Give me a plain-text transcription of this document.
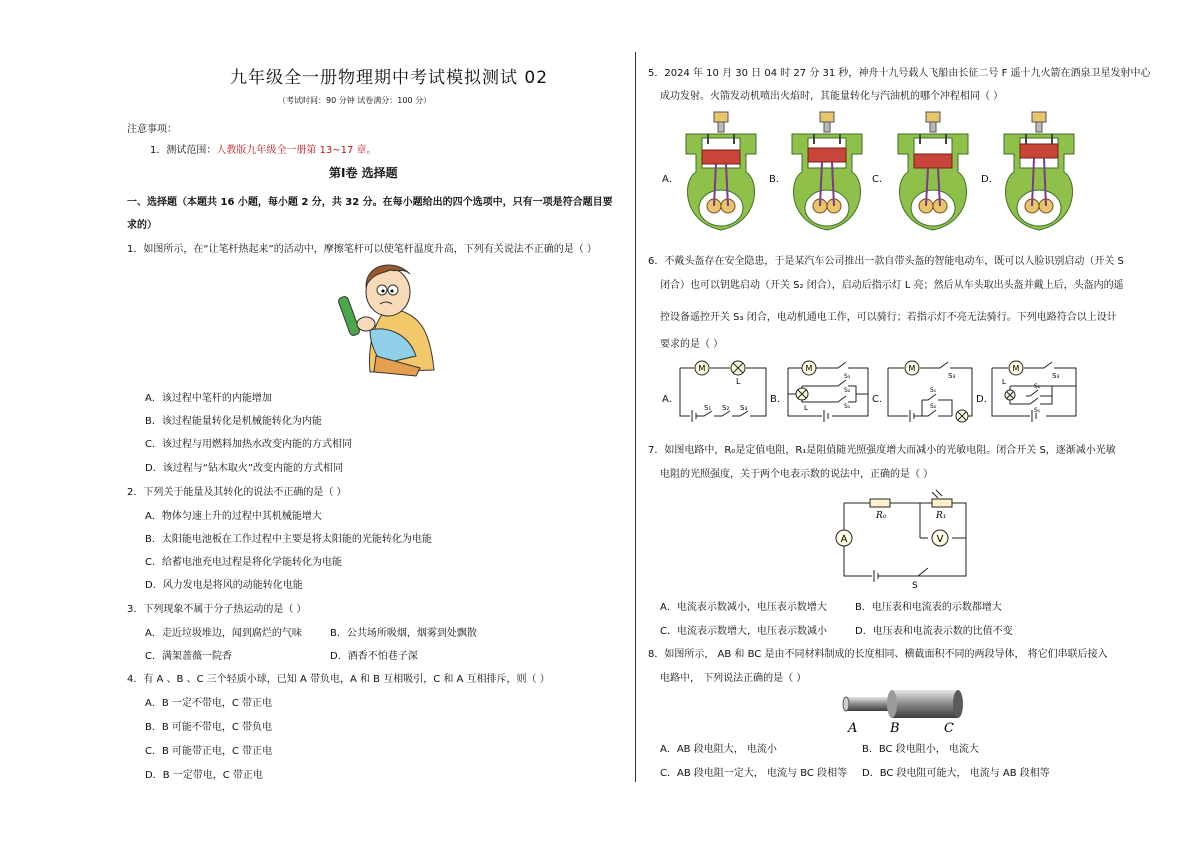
九年级全一册物理期中考试模拟测试 02
（考试时间：90 分钟 试卷满分：100 分）
注意事项：
1．测试范围：人教版九年级全一册第 13~17 章。
第Ⅰ卷 选择题
一、选择题（本题共 16 小题，每小题 2 分，共 32 分。在每小题给出的四个选项中，只有一项是符合题目要
求的）
1．如图所示，在“让笔杆热起来”的活动中，摩擦笔杆可以使笔杆温度升高，下列有关说法不正确的是（ ）
A．该过程中笔杆的内能增加
B．该过程能量转化是机械能转化为内能
C．该过程与用燃料加热水改变内能的方式相同
D．该过程与“钻木取火”改变内能的方式相同
2．下列关于能量及其转化的说法不正确的是（ ）
A．物体匀速上升的过程中其机械能增大
B．太阳能电池板在工作过程中主要是将太阳能的光能转化为电能
C．给蓄电池充电过程是将化学能转化为电能
D．风力发电是将风的动能转化电能
3．下列现象不属于分子热运动的是（ ）
A．走近垃圾堆边，闻到腐烂的气味	B．公共场所吸烟，烟雾到处飘散
C．满架蔷薇一院香	D．酒香不怕巷子深
4．有 A 、B 、C 三个轻质小球，已知 A 带负电，A 和 B 互相吸引，C 和 A 互相排斥，则（ ）
A．B 一定不带电，C 带正电
B．B 可能不带电，C 带负电
C．B 可能带正电，C 带正电
D．B 一定带电，C 带正电
5．2024 年 10 月 30 日 04 时 27 分 31 秒，神舟十九号载人飞船由长征二号 F 遥十九火箭在酒泉卫星发射中心
成功发射。火箭发动机喷出火焰时，其能量转化与汽油机的哪个冲程相同（ ）
A．	B．	C．	D．
6．不戴头盔存在安全隐患，于是某汽车公司推出一款自带头盔的智能电动车，既可以人脸识别启动（开关 S
闭合）也可以钥匙启动（开关 S₂ 闭合），启动后指示灯 L 亮；然后从车头取出头盔并戴上后，头盔内的遥
控设备遥控开关 S₃ 闭合，电动机通电工作，可以骑行；若指示灯不亮无法骑行。下列电路符合以上设计
要求的是（ ）
A．	B．	C．	D．
M
L
S₁ S₂ S₃
M
L
S₃
S₂
S₁
M
S₃
S₁
S₂
M
L
S₃
S₂
S₁
7．如图电路中，R₀是定值电阻，R₁是阻值随光照强度增大而减小的光敏电阻。闭合开关 S，逐渐减小光敏
电阻的光照强度，关于两个电表示数的说法中，正确的是（ ）
A	V
R₀	R₁
S
A．电流表示数减小，电压表示数增大	B．电压表和电流表的示数都增大
C．电流表示数增大，电压表示数减小	D．电压表和电流表示数的比值不变
8．如图所示， AB 和 BC 是由不同材料制成的长度相同、横截面积不同的两段导体， 将它们串联后接入
电路中， 下列说法正确的是（ ）
A	B	C
A．AB 段电阻大， 电流小	B．BC 段电阻小， 电流大
C．AB 段电阻一定大， 电流与 BC 段相等 D．BC 段电阻可能大， 电流与 AB 段相等
